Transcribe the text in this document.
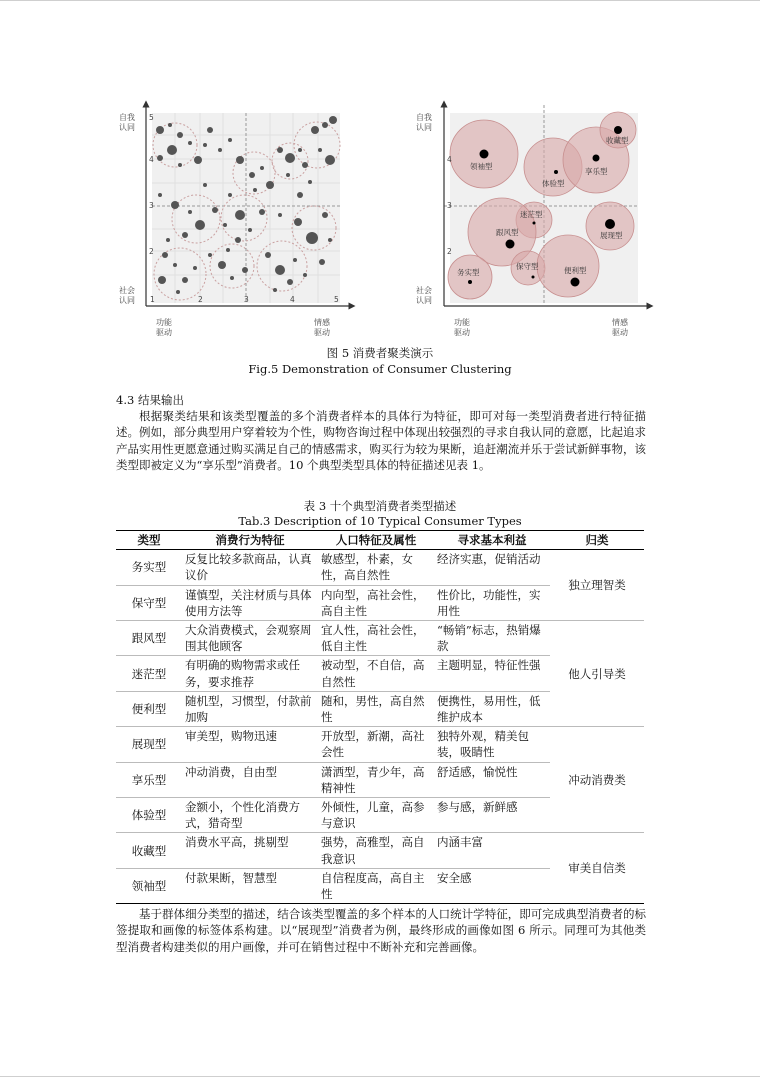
5
4
3
2
1	2	3	4	5
领袖型
体验型
享乐型
收藏型
迷茫型
跟风型	展现型
保守型
务实型	便利型
4
3
2
自我认同
社会认同
功能驱动
情感驱动
自我认同
社会认同
功能驱动
情感驱动
图 5 消费者聚类演示
Fig.5 Demonstration of Consumer Clustering
4.3 结果输出
根据聚类结果和该类型覆盖的多个消费者样本的具体行为特征，即可对每一类型消费者进行特征描述。例如，部分典型用户穿着较为个性，购物咨询过程中体现出较强烈的寻求自我认同的意愿，比起追求产品实用性更愿意通过购买满足自己的情感需求，购买行为较为果断，追赶潮流并乐于尝试新鲜事物，该类型即被定义为“享乐型”消费者。10 个典型类型具体的特征描述见表 1。
表 3 十个典型消费者类型描述
Tab.3 Description of 10 Typical Consumer Types
类型	消费行为特征	人口特征及属性	寻求基本利益	归类
务实型	反复比较多款商品，认真议价	敏感型，朴素，女性，高自然性	经济实惠，促销活动	独立理智类
保守型	谨慎型，关注材质与具体使用方法等	内向型，高社会性，高自主性	性价比，功能性，实用性	
跟风型	大众消费模式，会观察周围其他顾客	宜人性，高社会性，低自主性	“畅销”标志，热销爆款	他人引导类
迷茫型	有明确的购物需求或任务，要求推荐	被动型，不自信，高自然性	主题明显，特征性强	
便利型	随机型，习惯型，付款前加购	随和，男性，高自然性	便携性，易用性，低维护成本	
展现型	审美型，购物迅速	开放型，新潮，高社会性	独特外观，精美包装，吸睛性	冲动消费类
享乐型	冲动消费，自由型	潇洒型，青少年，高精神性	舒适感，愉悦性	
体验型	金额小，个性化消费方式，猎奇型	外倾性，儿童，高参与意识	参与感，新鲜感	
收藏型	消费水平高，挑剔型	强势，高雅型，高自我意识	内涵丰富	审美自信类
领袖型	付款果断，智慧型	自信程度高，高自主性	安全感	
基于群体细分类型的描述，结合该类型覆盖的多个样本的人口统计学特征，即可完成典型消费者的标签提取和画像的标签体系构建。以“展现型”消费者为例，最终形成的画像如图 6 所示。同理可为其他类型消费者构建类似的用户画像，并可在销售过程中不断补充和完善画像。
